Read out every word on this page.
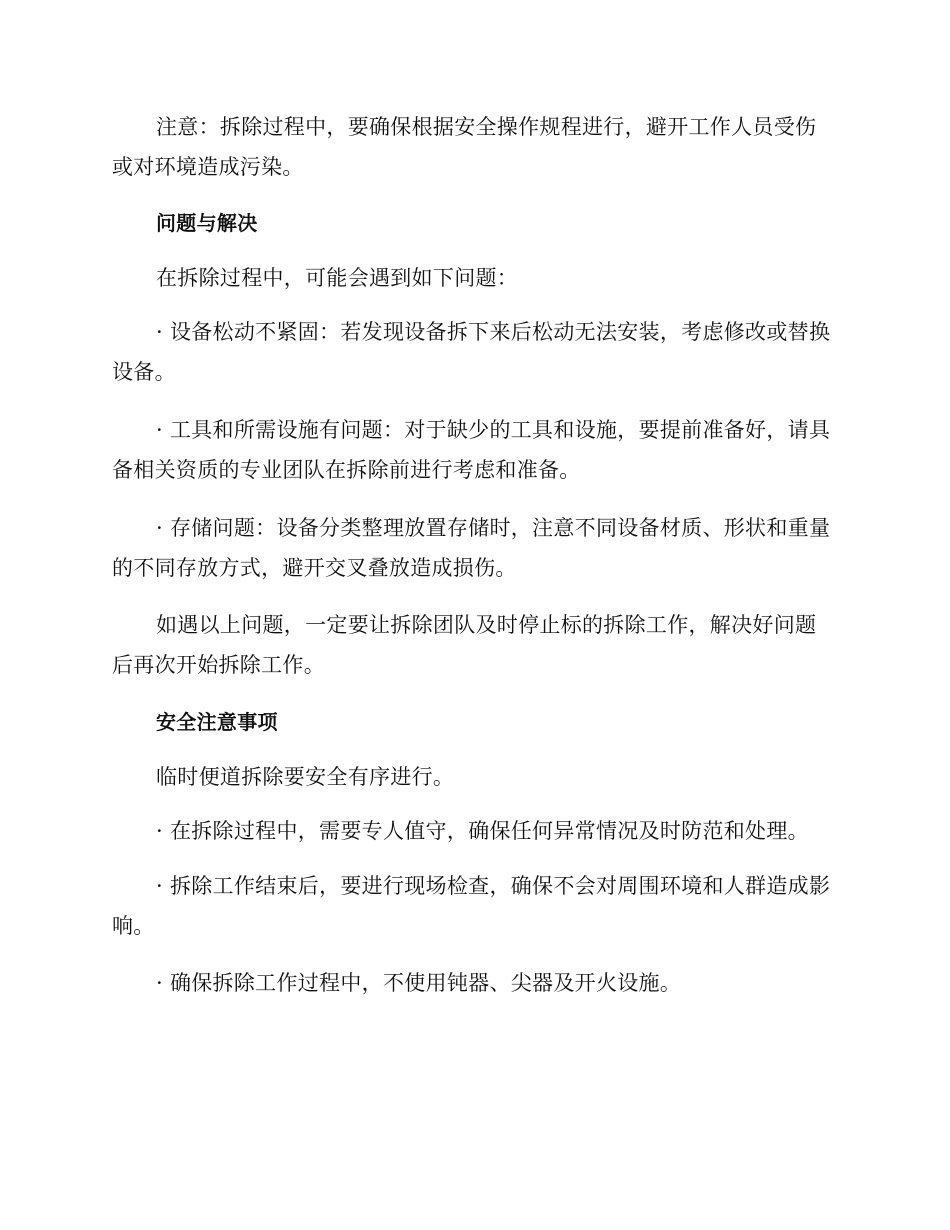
注意：拆除过程中，要确保根据安全操作规程进行，避开工作人员受伤或对环境造成污染。

问题与解决

在拆除过程中，可能会遇到如下问题：

· 设备松动不紧固：若发现设备拆下来后松动无法安装，考虑修改或替换设备。

· 工具和所需设施有问题：对于缺少的工具和设施，要提前准备好，请具备相关资质的专业团队在拆除前进行考虑和准备。

· 存储问题：设备分类整理放置存储时，注意不同设备材质、形状和重量的不同存放方式，避开交叉叠放造成损伤。

如遇以上问题，一定要让拆除团队及时停止标的拆除工作，解决好问题后再次开始拆除工作。

安全注意事项

临时便道拆除要安全有序进行。

· 在拆除过程中，需要专人值守，确保任何异常情况及时防范和处理。

· 拆除工作结束后，要进行现场检查，确保不会对周围环境和人群造成影响。

· 确保拆除工作过程中，不使用钝器、尖器及开火设施。
